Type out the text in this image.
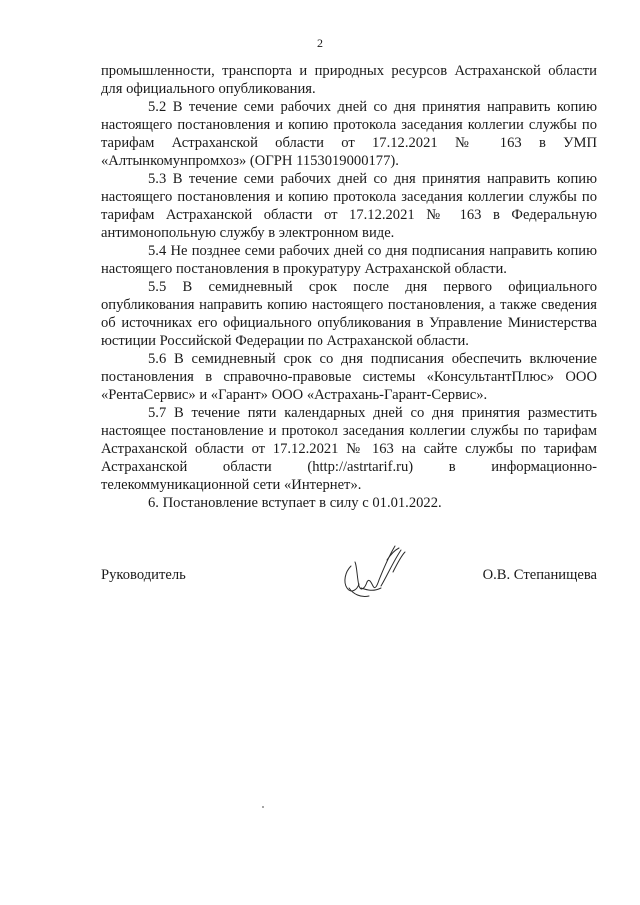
2

промышленности, транспорта и природных ресурсов Астраханской области для официального опубликования.

5.2 В течение семи рабочих дней со дня принятия направить копию настоящего постановления и копию протокола заседания коллегии службы по тарифам Астраханской области от 17.12.2021 № 163 в УМП «Алтынкомунпромхоз» (ОГРН 1153019000177).

5.3 В течение семи рабочих дней со дня принятия направить копию настоящего постановления и копию протокола заседания коллегии службы по тарифам Астраханской области от 17.12.2021 № 163 в Федеральную антимонопольную службу в электронном виде.

5.4 Не позднее семи рабочих дней со дня подписания направить копию настоящего постановления в прокуратуру Астраханской области.

5.5 В семидневный срок после дня первого официального опубликования направить копию настоящего постановления, а также сведения об источниках его официального опубликования в Управление Министерства юстиции Российской Федерации по Астраханской области.

5.6 В семидневный срок со дня подписания обеспечить включение постановления в справочно-правовые системы «КонсультантПлюс» ООО «РентаСервис» и «Гарант» ООО «Астрахань-Гарант-Сервис».

5.7 В течение пяти календарных дней со дня принятия разместить настоящее постановление и протокол заседания коллегии службы по тарифам Астраханской области от 17.12.2021 № 163 на сайте службы по тарифам Астраханской области (http://astrtarif.ru) в информационно-телекоммуникационной сети «Интернет».

6. Постановление вступает в силу с 01.01.2022.

Руководитель	О.В. Степанищева
